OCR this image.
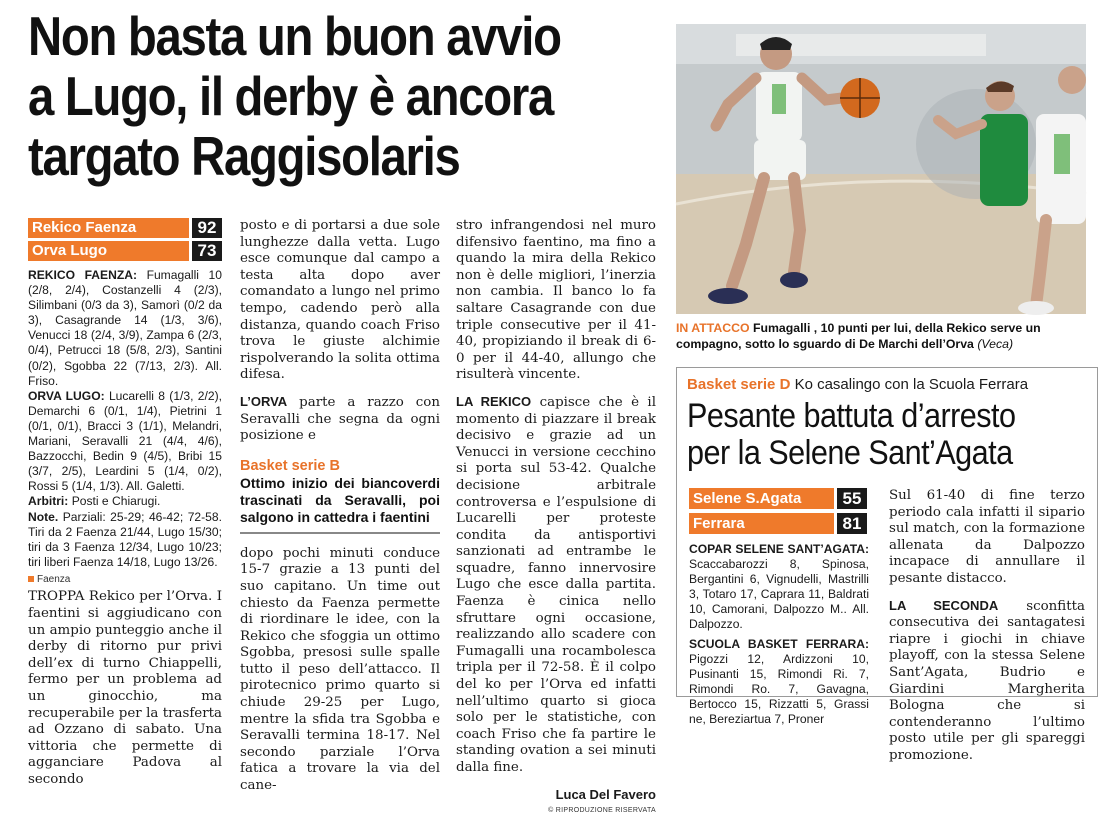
Non basta un buon avvio
a Lugo, il derby è ancora
targato Raggisolaris
Rekico Faenza	92
Orva Lugo	73

REKICO FAENZA: Fumagalli 10 (2/8, 2/4), Costanzelli 4 (2/3), Silimbani (0/3 da 3), Samorì (0/2 da 3), Casagrande 14 (1/3, 3/6), Venucci 18 (2/4, 3/9), Zampa 6 (2/3, 0/4), Petrucci 18 (5/8, 2/3), Santini (0/2), Sgobba 22 (7/13, 2/3). All. Friso.

ORVA LUGO: Lucarelli 8 (1/3, 2/2), Demarchi 6 (0/1, 1/4), Pietrini 1 (0/1, 0/1), Bracci 3 (1/1), Melandri, Mariani, Seravalli 21 (4/4, 4/6), Bazzocchi, Bedin 9 (4/5), Bribi 15 (3/7, 2/5), Leardini 5 (1/4, 0/2), Rossi 5 (1/4, 1/3). All. Galetti.

Arbitri: Posti e Chiarugi.

Note. Parziali: 25-29; 46-42; 72-58. Tiri da 2 Faenza 21/44, Lugo 15/30; tiri da 3 Faenza 12/34, Lugo 10/23; tiri liberi Faenza 14/18, Lugo 13/26.

Faenza

TROPPA Rekico per l’Orva. I faentini si aggiudicano con un ampio punteggio anche il derby di ritorno pur privi dell’ex di turno Chiappelli, fermo per un problema ad un ginocchio, ma recuperabile per la trasferta ad Ozzano di sabato. Una vittoria che permette di agganciare Padova al secondo

posto e di portarsi a due sole lunghezze dalla vetta. Lugo esce comunque dal campo a testa alta dopo aver comandato a lungo nel primo tempo, cadendo però alla distanza, quando coach Friso trova le giuste alchimie rispolverando la solita ottima difesa.

L’ORVA parte a razzo con Seravalli che segna da ogni posizione e

Basket serie B
Ottimo inizio dei biancoverdi trascinati da Seravalli, poi salgono in cattedra i faentini

dopo pochi minuti conduce 15-7 grazie a 13 punti del suo capitano. Un time out chiesto da Faenza permette di riordinare le idee, con la Rekico che sfoggia un ottimo Sgobba, presosi sulle spalle tutto il peso dell’attacco. Il pirotecnico primo quarto si chiude 29-25 per Lugo, mentre la sfida tra Sgobba e Seravalli termina 18-17. Nel secondo parziale l’Orva fatica a trovare la via del cane-

stro infrangendosi nel muro difensivo faentino, ma fino a quando la mira della Rekico non è delle migliori, l’inerzia non cambia. Il banco lo fa saltare Casagrande con due triple consecutive per il 41-40, propiziando il break di 6-0 per il 44-40, allungo che risulterà vincente.

LA REKICO capisce che è il momento di piazzare il break decisivo e grazie ad un Venucci in versione cecchino si porta sul 53-42. Qualche decisione arbitrale controversa e l’espulsione di Lucarelli per proteste condita da antisportivi sanzionati ad entrambe le squadre, fanno innervosire Lugo che esce dalla partita. Faenza è cinica nello sfruttare ogni occasione, realizzando allo scadere con Fumagalli una rocambolesca tripla per il 72-58. È il colpo del ko per l’Orva ed infatti nell’ultimo quarto si gioca solo per le statistiche, con coach Friso che fa partire le standing ovation a sei minuti dalla fine.

Luca Del Favero
© RIPRODUZIONE RISERVATA
IN ATTACCO Fumagalli , 10 punti per lui, della Rekico serve un compagno, sotto lo sguardo di De Marchi dell’Orva (Veca)
Basket serie D Ko casalingo con la Scuola Ferrara
Pesante battuta d’arresto
per la Selene Sant’Agata
Selene S.Agata	55
Ferrara	81

COPAR SELENE SANT’AGATA: Scaccabarozzi 8, Spinosa, Bergantini 6, Vignudelli, Mastrilli 3, Totaro 17, Caprara 11, Baldrati 10, Camorani, Dalpozzo M.. All. Dalpozzo.

SCUOLA BASKET FERRARA: Pigozzi 12, Ardizzoni 10, Pusinanti 15, Rimondi Ri. 7, Rimondi Ro. 7, Gavagna, Bertocco 15, Rizzatti 5, Grassi ne, Bereziartua 7, Proner

Sul 61-40 di fine terzo periodo cala infatti il sipario sul match, con la formazione allenata da Dalpozzo incapace di annullare il pesante distacco.

LA SECONDA sconfitta consecutiva dei santagatesi riapre i giochi in chiave playoff, con la stessa Selene Sant’Agata, Budrio e Giardini Margherita Bologna che si contenderanno l’ultimo posto utile per gli spareggi promozione.
